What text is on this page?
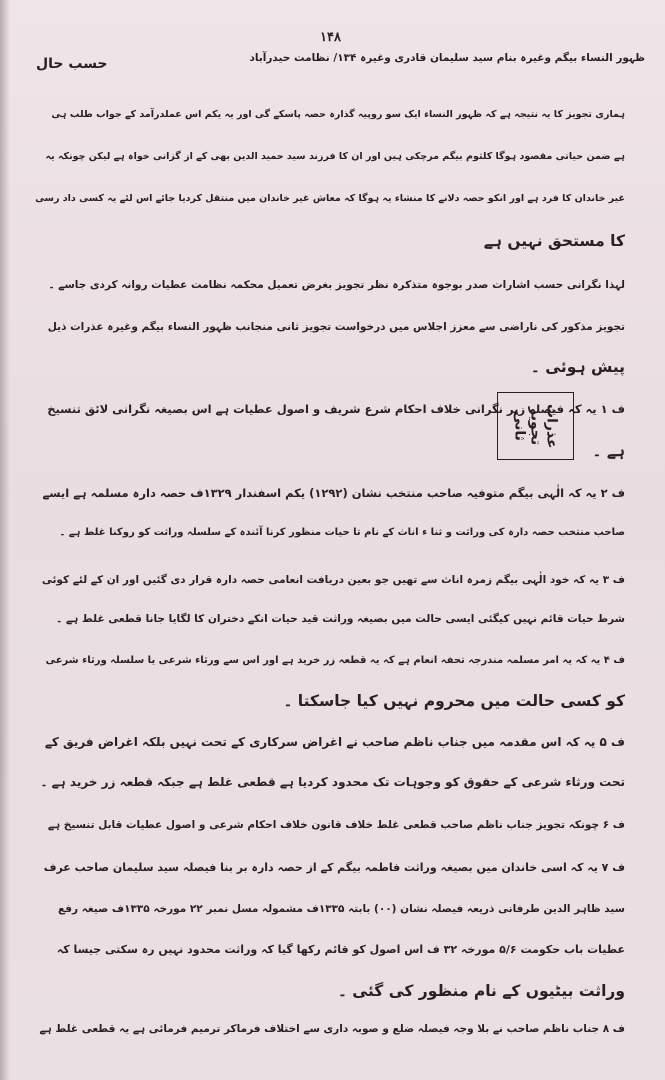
۱۴۸
ظہور النساء بیگم وغیرہ بنام سید سلیمان قادری وغیرہ ۱۳۴/ نظامت حیدرآباد
حسب حال
ہماری تجویز کا یہ نتیجہ ہے کہ ظہور النساء ایک سو روپیہ گذارہ حصہ پاسکے گی اور یہ یکم اس عملدرآمد کے جواب طلب ہی
ہے ضمن حیاتی مقصود ہوگا کلثوم بیگم مرچکی ہیں اور ان کا فرزند سید حمید الدین بھی کے از گزانی خواہ ہے لیکن چونکہ یہ
غیر خاندان کا فرد ہے اور انکو حصہ دلانے کا منشاء یہ ہوگا کہ معاش غیر خاندان میں منتقل کردیا جائے اس لئے یہ کسی داد رسی
کا مستحق نہیں ہے
لہذا نگرانی حسب اشارات صدر بوجوہ متذکرہ نظر تجویز بغرض تعمیل محکمہ نظامت عطیات روانہ کردی جاسے ۔
تجویز مذکور کی ناراضی سے معزز اجلاس میں درخواست تجویز ثانی منجانب ظہور النساء بیگم وغیرہ عذرات ذیل
پیش ہوئی ۔
ف ۱ یہ کہ فیصلہ زیر نگرانی خلاف احکام شرع شریف و اصول عطیات ہے اس بصیغہ نگرانی لائق تنسیخ
ہے ۔
عذرات تجویز ثانی
ف ۲ یہ کہ الٰہی بیگم متوفیہ صاحب منتخب نشان (۱۲۹۲) یکم اسفندار ۱۳۲۹ف حصہ دارہ مسلمہ ہے ایسے
صاحب منتخب حصہ دارہ کی وراثت و ثنا ء اناث کے نام تا حیات منظور کرنا آئندہ کے سلسلہ وراثت کو روکنا غلط ہے ۔
ف ۳ یہ کہ خود الٰہی بیگم زمرہ اناث سے تھیں جو بعین دریافت انعامی حصہ دارہ قرار دی گئیں اور ان کے لئے کوئی
شرط حیات قائم نہیں کیگئی ایسی حالت میں بصیغہ وراثت قید حیات انکے دختران کا لگایا جانا قطعی غلط ہے ۔
ف ۴ یہ کہ یہ امر مسلمہ مندرجہ تحفہ انعام ہے کہ یہ قطعہ زر خرید ہے اور اس سے ورثاء شرعی یا سلسلہ ورثاء شرعی
کو کسی حالت میں محروم نہیں کیا جاسکتا ۔
ف ۵ یہ کہ اس مقدمہ میں جناب ناظم صاحب نے اغراض سرکاری کے تحت نہیں بلکہ اغراض فریق کے
تحت ورثاء شرعی کے حقوق کو وجوہات تک محدود کردیا ہے قطعی غلط ہے جبکہ قطعہ زر خرید ہے ۔
ف ۶ چونکہ تجویز جناب ناظم صاحب قطعی غلط خلاف قانون خلاف احکام شرعی و اصول عطیات قابل تنسیخ ہے
ف ۷ یہ کہ اسی خاندان میں بصیغہ وراثت فاطمہ بیگم کے از حصہ دارہ بر بنا فیصلہ سید سلیمان صاحب عرف
سید ظاہر الدین طرفانی ذریعہ فیصلہ نشان (۰۰) بابتہ ۱۳۳۵ف مشمولہ مسل نمبر ۲۲ مورخہ ۱۳۳۵ف صیغہ رفع
عطیات باب حکومت ۵/۶ مورخہ ۳۲ ف اس اصول کو قائم رکھا گیا کہ وراثت محدود نہیں رہ سکتی جیسا کہ
وراثت بیٹیوں کے نام منظور کی گئی ۔
ف ۸ جناب ناظم صاحب نے بلا وجہ فیصلہ ضلع و صوبہ داری سے اختلاف فرماکر ترمیم فرمائی ہے یہ قطعی غلط ہے
